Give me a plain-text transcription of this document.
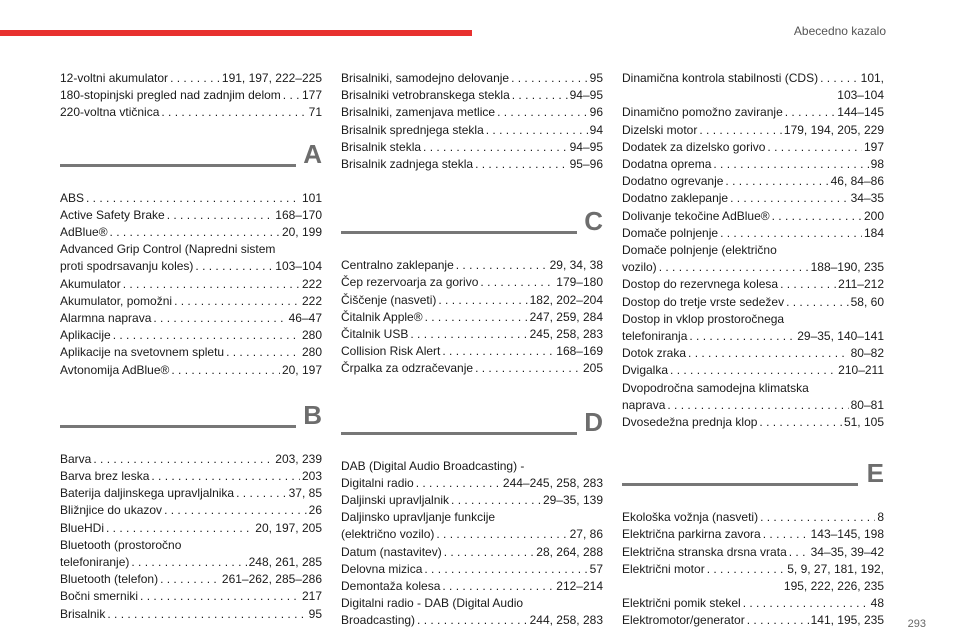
Abecedno kazalo
12-voltni akumulator . . .	191, 197, 222–225
180-stopinjski pregled nad zadnjim delom . . . 177
220-voltna vtičnica . . .	71
A
ABS . . .	101
Active Safety Brake . . .	168–170
AdBlue® . . .	20, 199
Advanced Grip Control (Napredni sistem
proti spodrsavanju koles) . . .	103–104
Akumulator . . .	222
Akumulator, pomožni . . .	222
Alarmna naprava . . .	46–47
Aplikacije . . .	280
Aplikacije na svetovnem spletu . . .	280
Avtonomija AdBlue® . . .	20, 197
B
Barva . . .	203, 239
Barva brez leska . . .	203
Baterija daljinskega upravljalnika . . .	37, 85
Bližnjice do ukazov . . .	26
BlueHDi . . .	20, 197, 205
Bluetooth (prostoročno
telefoniranje) . . .	248, 261, 285
Bluetooth (telefon) . . .	261–262, 285–286
Bočni smerniki . . .	217
Brisalnik . . .	95
Brisalniki, samodejno delovanje . . .	95
Brisalniki vetrobranskega stekla . . .	94–95
Brisalniki, zamenjava metlice . . .	96
Brisalnik sprednjega stekla . . .	94
Brisalnik stekla . . .	94–95
Brisalnik zadnjega stekla . . .	95–96
C
Centralno zaklepanje . . .	29, 34, 38
Čep rezervoarja za gorivo . . .	179–180
Čiščenje (nasveti) . . .	182, 202–204
Čitalnik Apple® . . .	247, 259, 284
Čitalnik USB . . .	245, 258, 283
Collision Risk Alert . . .	168–169
Črpalka za odzračevanje . . .	205
D
DAB (Digital Audio Broadcasting) -
Digitalni radio . . .	244–245, 258, 283
Daljinski upravljalnik . . .	29–35, 139
Daljinsko upravljanje funkcije
(električno vozilo) . . .	27, 86
Datum (nastavitev) . . .	28, 264, 288
Delovna mizica . . .	57
Demontaža kolesa . . .	212–214
Digitalni radio - DAB (Digital Audio
Broadcasting) . . .	244, 258, 283
Dinamična kontrola stabilnosti (CDS) . . .	101,
103–104
Dinamično pomožno zaviranje . . .	144–145
Dizelski motor . . .	179, 194, 205, 229
Dodatek za dizelsko gorivo . . .	197
Dodatna oprema . . .	98
Dodatno ogrevanje . . .	46, 84–86
Dodatno zaklepanje . . .	34–35
Dolivanje tekočine AdBlue® . . .	200
Domače polnjenje . . .	184
Domače polnjenje (električno
vozilo) . . .	188–190, 235
Dostop do rezervnega kolesa . . .	211–212
Dostop do tretje vrste sedežev . . .	58, 60
Dostop in vklop prostoročnega
telefoniranja . . .	29–35, 140–141
Dotok zraka . . .	80–82
Dvigalka . . .	210–211
Dvopodročna samodejna klimatska
naprava . . .	80–81
Dvosedežna prednja klop . . .	51, 105
E
Ekološka vožnja (nasveti) . . .	8
Električna parkirna zavora . . .	143–145, 198
Električna stranska drsna vrata . . . 34–35, 39–42
Električni motor . . .	5, 9, 27, 181, 192,
195, 222, 226, 235
Električni pomik stekel . . .	48
Elektromotor/generator . . .	141, 195, 235 293
